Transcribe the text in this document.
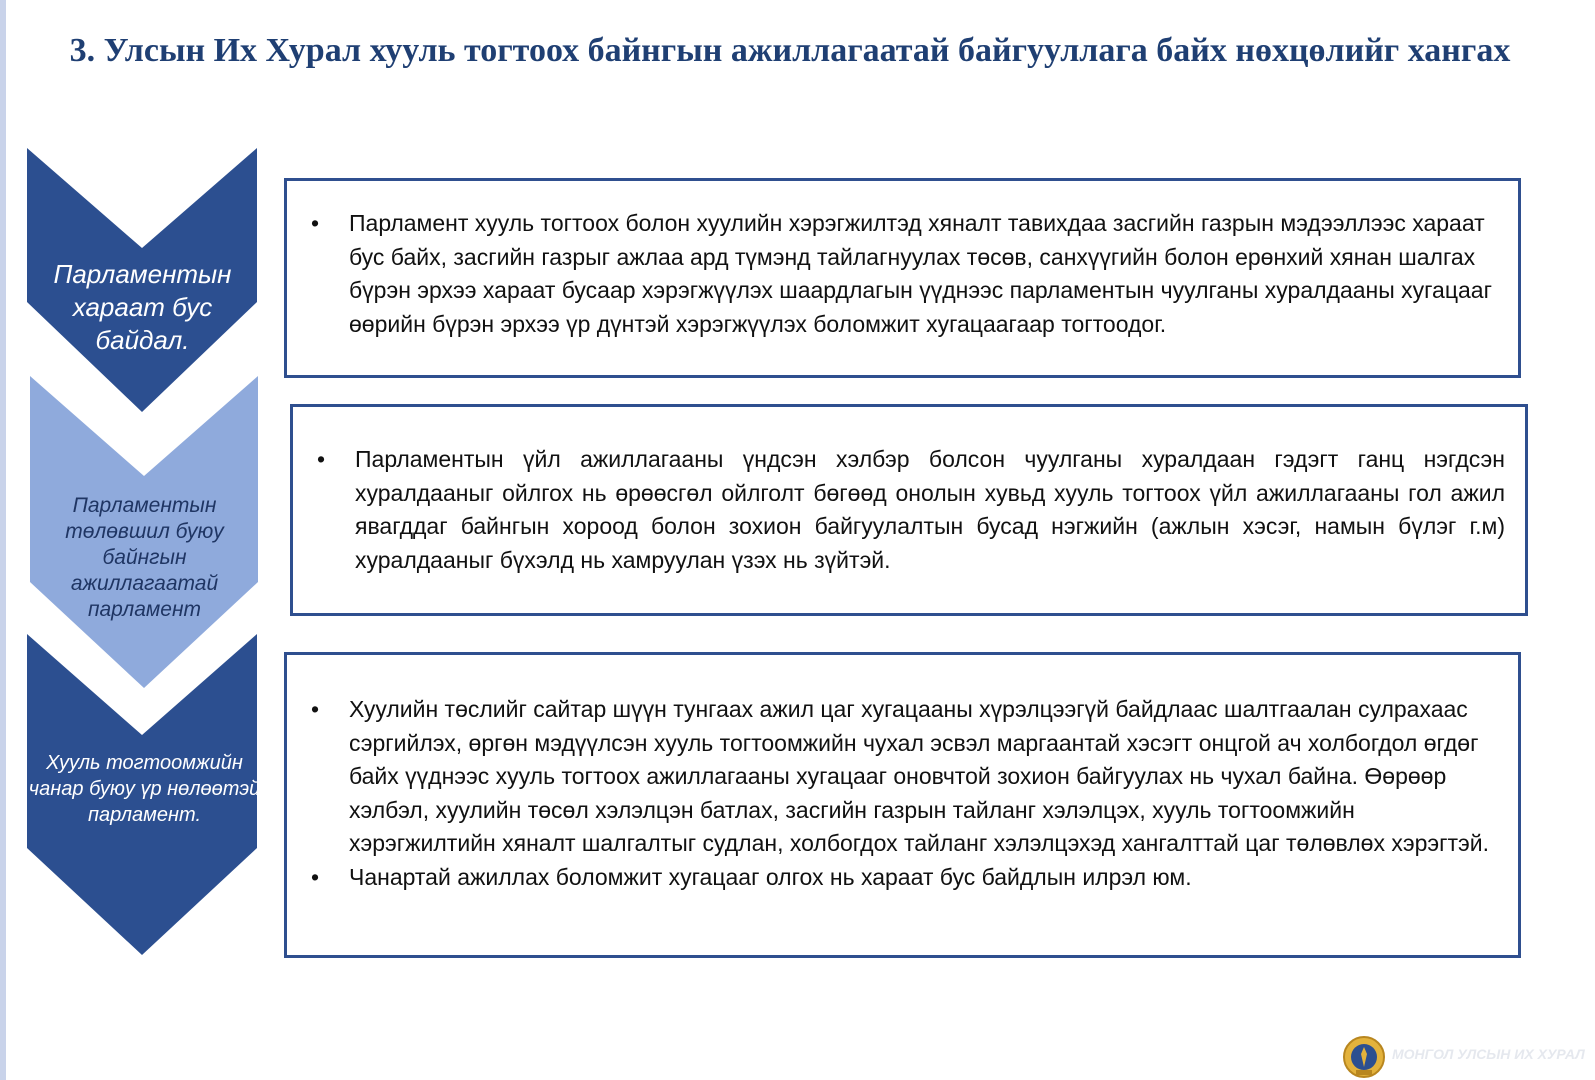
3. Улсын Их Хурал хууль тогтоох байнгын ажиллагаатай байгууллага байх нөхцөлийг хангах
Парламентын хараат бус байдал.
Парламентын төлөвшил буюу байнгын ажиллагаатай парламент
Хууль тогтоомжийн чанар буюу үр нөлөөтэй парламент.
• Парламент хууль тогтоох болон хуулийн хэрэгжилтэд хяналт тавихдаа засгийн газрын мэдээллээс хараат бус байх, засгийн газрыг ажлаа ард түмэнд тайлагнуулах төсөв, санхүүгийн болон ерөнхий хянан шалгах бүрэн эрхээ хараат бусаар хэрэгжүүлэх шаардлагын үүднээс парламентын чуулганы хуралдааны хугацааг өөрийн бүрэн эрхээ үр дүнтэй хэрэгжүүлэх боломжит хугацаагаар тогтоодог.
• Парламентын үйл ажиллагааны үндсэн хэлбэр болсон чуулганы хуралдаан гэдэгт ганц нэгдсэн хуралдааныг ойлгох нь өрөөсгөл ойлголт бөгөөд онолын хувьд хууль тогтоох үйл ажиллагааны гол ажил явагддаг байнгын хороод болон зохион байгуулалтын бусад нэгжийн (ажлын хэсэг, намын бүлэг г.м) хуралдааныг бүхэлд нь хамруулан үзэх нь зүйтэй.
• Хуулийн төслийг сайтар шүүн тунгаах ажил цаг хугацааны хүрэлцээгүй байдлаас шалтгаалан сулрахаас сэргийлэх, өргөн мэдүүлсэн хууль тогтоомжийн чухал эсвэл маргаантай хэсэгт онцгой ач холбогдол өгдөг байх үүднээс хууль тогтоох ажиллагааны хугацааг оновчтой зохион байгуулах нь чухал байна. Өөрөөр хэлбэл, хуулийн төсөл хэлэлцэн батлах, засгийн газрын тайланг хэлэлцэх, хууль тогтоомжийн хэрэгжилтийн хяналт шалгалтыг судлан, холбогдох тайланг хэлэлцэхэд хангалттай цаг төлөвлөх хэрэгтэй.
• Чанартай ажиллах боломжит хугацааг олгох нь хараат бус байдлын илрэл юм.
МОНГОЛ УЛСЫН ИХ ХУРАЛ
